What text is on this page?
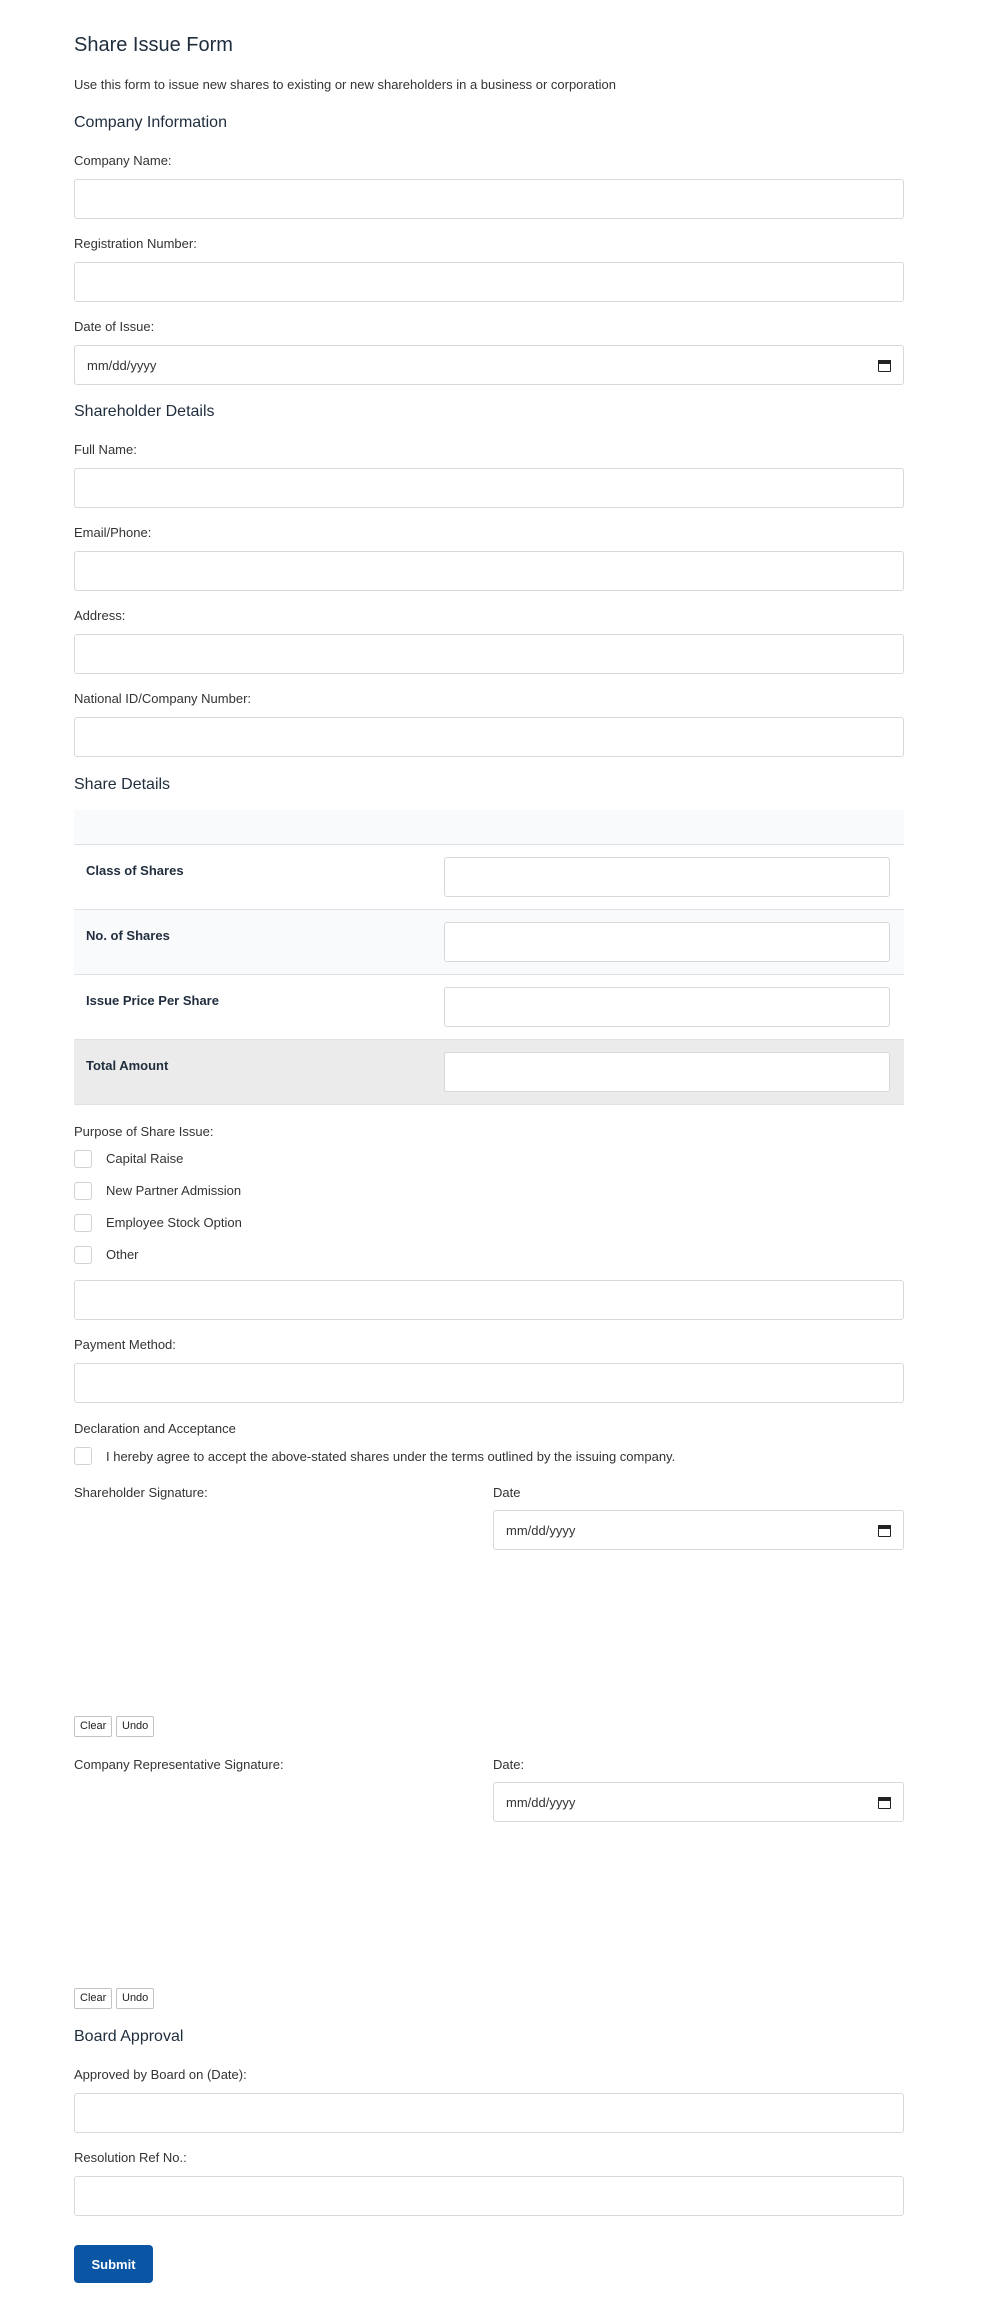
Share Issue Form
Use this form to issue new shares to existing or new shareholders in a business or corporation
Company Information
Company Name:
Registration Number:
Date of Issue:
mm/dd/yyyy
Shareholder Details
Full Name:
Email/Phone:
Address:
National ID/Company Number:
Share Details
Class of Shares
No. of Shares
Issue Price Per Share
Total Amount
Purpose of Share Issue:
Capital Raise
New Partner Admission
Employee Stock Option
Other
Payment Method:
Declaration and Acceptance
I hereby agree to accept the above-stated shares under the terms outlined by the issuing company.
Shareholder Signature:	Date
mm/dd/yyyy
Clear	Undo
Company Representative Signature:	Date:
mm/dd/yyyy
Clear	Undo
Board Approval
Approved by Board on (Date):
Resolution Ref No.:
Submit
